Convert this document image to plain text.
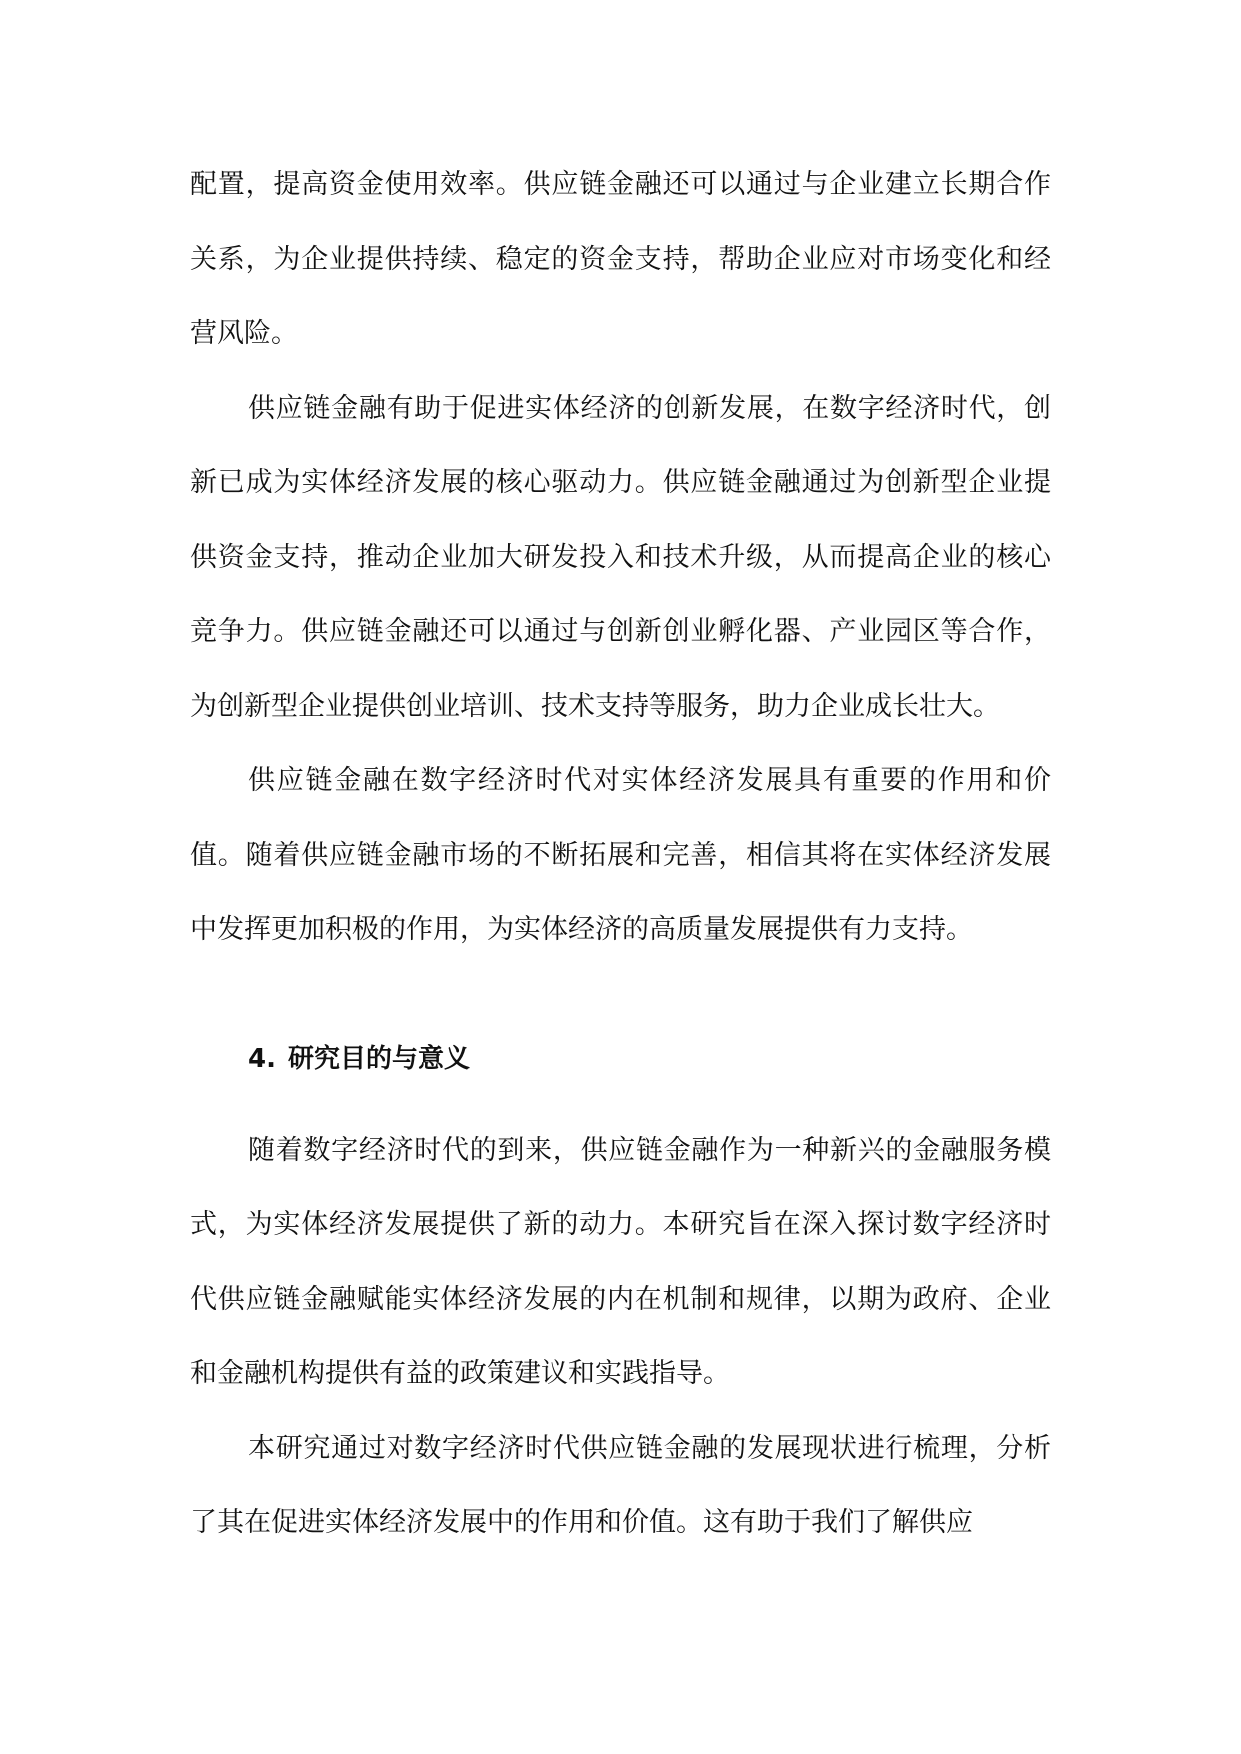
配置，提高资金使用效率。供应链金融还可以通过与企业建立长期合作关系，为企业提供持续、稳定的资金支持，帮助企业应对市场变化和经营风险。

供应链金融有助于促进实体经济的创新发展，在数字经济时代，创新已成为实体经济发展的核心驱动力。供应链金融通过为创新型企业提供资金支持，推动企业加大研发投入和技术升级，从而提高企业的核心竞争力。供应链金融还可以通过与创新创业孵化器、产业园区等合作，为创新型企业提供创业培训、技术支持等服务，助力企业成长壮大。

供应链金融在数字经济时代对实体经济发展具有重要的作用和价值。随着供应链金融市场的不断拓展和完善，相信其将在实体经济发展中发挥更加积极的作用，为实体经济的高质量发展提供有力支持。

4. 研究目的与意义

随着数字经济时代的到来，供应链金融作为一种新兴的金融服务模式，为实体经济发展提供了新的动力。本研究旨在深入探讨数字经济时代供应链金融赋能实体经济发展的内在机制和规律，以期为政府、企业和金融机构提供有益的政策建议和实践指导。

本研究通过对数字经济时代供应链金融的发展现状进行梳理，分析了其在促进实体经济发展中的作用和价值。这有助于我们了解供应
